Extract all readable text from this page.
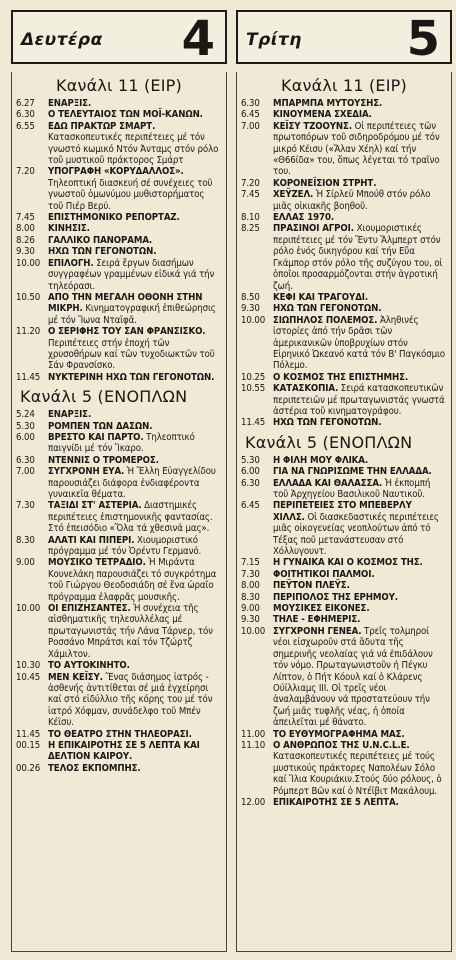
Δευτέρα 4
Κανάλι 11 (ΕΙΡ)
6.27 ΕΝΑΡΞΙΣ.
6.30 Ο ΤΕΛΕΥΤΑΙΟΣ ΤΩΝ ΜΟΪ-ΚΑΝΩΝ.
6.55 ΕΔΩ ΠΡΑΚΤΩΡ ΣΜΑΡΤ. Κατασκοπευτικές περιπέτειες μέ τόν γνωστό κωμικό Ντόν Άνταμς στόν ρόλο τοῦ μυστικοῦ πράκτορος Σμάρτ
7.20 ΥΠΟΓΡΑΦΗ «ΚΟΡΥΔΑΛΛΟΣ». Τηλεοπτική διασκευή σέ συνέχειες τοῦ γνωστοῦ ὁμωνύμου μυθιστορήματος τοῦ Πιέρ Βερύ.
7.45 ΕΠΙΣΤΗΜΟΝΙΚΟ ΡΕΠΟΡΤΑΖ.
8.00 ΚΙΝΗΣΙΣ.
8.26 ΓΑΛΛΙΚΟ ΠΑΝΟΡΑΜΑ.
9.30 ΗΧΩ ΤΩΝ ΓΕΓΟΝΟΤΩΝ.
10.00 ΕΠΙΛΟΓΗ. Σειρά ἔργων διασήμων συγγραφέων γραμμένων εἰδικά γιά τήν τηλεόρασι.
10.50 ΑΠΟ ΤΗΝ ΜΕΓΑΛΗ ΟΘΟΝΗ ΣΤΗΝ ΜΙΚΡΗ. Κινηματογραφική ἐπιθεώρησις μέ τόν Ἴωνα Νταϊφᾶ.
11.20 Ο ΣΕΡΙΦΗΣ ΤΟΥ ΣΑΝ ΦΡΑΝΣΙΣΚΟ. Περιπέτειες στήν ἐποχή τῶν χρυσοθήρων καί τῶν τυχοδιωκτῶν τοῦ Σάν Φρανσίσκο.
11.45 ΝΥΚΤΕΡΙΝΗ ΗΧΩ ΤΩΝ ΓΕΓΟΝΟΤΩΝ.
Κανάλι 5 (ΕΝΟΠΛΩΝ
5.24 ΕΝΑΡΞΙΣ.
5.30 ΡΟΜΠΕΝ ΤΩΝ ΔΑΣΩΝ.
6.00 ΒΡΕΣΤΟ ΚΑΙ ΠΑΡΤΟ. Τηλεοπτικό παιγνίδι μέ τόν Ἴκαρο.
6.30 ΝΤΕΝΝΙΣ Ο ΤΡΟΜΕΡΟΣ.
7.00 ΣΥΓΧΡΟΝΗ ΕΥΑ. Ἡ Ἔλλη Εὐαγγελίδου παρουσιάζει διάφορα ἐνδιαφέροντα γυναικεῖα θέματα.
7.30 ΤΑΞΙΔΙ ΣΤ' ΑΣΤΕΡΙΑ. Διαστημικές περιπέτειες ἐπιστημονικῆς φαντασίας. Στό ἐπεισόδιο «Ὅλα τά χθεσινά μας».
8.30 ΑΛΑΤΙ ΚΑΙ ΠΙΠΕΡΙ. Χιουμοριστικό πρόγραμμα μέ τόν Ὀρέντυ Γερμανό.
9.00 ΜΟΥΣΙΚΟ ΤΕΤΡΑΔΙΟ. Ἡ Μιράντα Κουνελάκη παρουσιάζει τό συγκρότημα τοῦ Γιώργου Θεοδοσιάδη σέ ἕνα ὡραῖο πρόγραμμα ἐλαφρᾶς μουσικῆς.
10.00 ΟΙ ΕΠΙΖΗΣΑΝΤΕΣ. Ἡ συνέχεια τῆς αἰσθηματικῆς τηλεσυλλέλας μέ πρωταγωνιστάς τήν Λάνα Τάρνερ, τόν Ροσσάνο Μπράτσι καί τόν Τζώρτζ Χάμιλτον.
10.30 ΤΟ ΑΥΤΟΚΙΝΗΤΟ.
10.45 ΜΕΝ ΚΕΪΣΥ. Ἕνας διάσημος ἰατρός - ἀσθενής ἀντιτίθεται σέ μιά ἐγχείρησι καί στό εἰδύλλιο τῆς κόρης του μέ τόν ἰατρό Χόφμαν, συνάδελφο τοῦ Μπέν Κέϊσυ.
11.45 ΤΟ ΘΕΑΤΡΟ ΣΤΗΝ ΤΗΛΕΟΡΑΣΙ.
00.15 Η ΕΠΙΚΑΙΡΟΤΗΣ ΣΕ 5 ΛΕΠΤΑ ΚΑΙ ΔΕΛΤΙΟΝ ΚΑΙΡΟΥ.
00.26 ΤΕΛΟΣ ΕΚΠΟΜΠΗΣ.
Τρίτη 5
Κανάλι 11 (ΕΙΡ)
6.30 ΜΠΑΡΜΠΑ ΜΥΤΟΥΣΗΣ.
6.45 ΚΙΝΟΥΜΕΝΑ ΣΧΕΔΙΑ.
7.00 ΚΕΪΣΥ ΤΖΟΟΥΝΣ. Οἱ περιπέτειες τῶν πρωτοπόρων τοῦ σιδηροδρόμου μέ τόν μικρό Κέισυ («Ἄλαν Χέηλ) καί τήν «Θ66ίδα» του, ὅπως λέγεται τό τραῖνο του.
7.20 ΚΟΡΟΝΕΪΣΙΟΝ ΣΤΡΗΤ.
7.45 ΧΕΫΖΕΛ. Ἡ Σίρλεϋ Μπούθ στόν ρόλο μιᾶς οἰκιακῆς βοηθοῦ.
8.10 ΕΛΛΑΣ 1970.
8.25 ΠΡΑΣΙΝΟΙ ΑΓΡΟΙ. Χιουμοριστικές περιπέτειες μέ τόν Ἔντυ Ἄλμπερτ στόν ρόλο ἑνός δικηγόρου καί τήν Εὔα Γκάμπορ στόν ρόλο τῆς συζύγου του, οἱ ὁποῖοι προσαρμόζονται στήν ἀγροτική ζωή.
8.50 ΚΕΦΙ ΚΑΙ ΤΡΑΓΟΥΔΙ.
9.30 ΗΧΩ ΤΩΝ ΓΕΓΟΝΟΤΩΝ.
10.00 ΣΙΩΠΗΛΟΣ ΠΟΛΕΜΟΣ. Ἀληθινές ἱστορίες ἀπό τήν δρᾶσι τῶν ἀμερικανικῶν ὑποβρυχίων στόν Εἰρηνικό Ὠκεανό κατά τόν Β' Παγκόσμιο Πόλεμο.
10.25 Ο ΚΟΣΜΟΣ ΤΗΣ ΕΠΙΣΤΗΜΗΣ.
10.55 ΚΑΤΑΣΚΟΠΙΑ. Σειρά κατασκοπευτικῶν περιπετειῶν μέ πρωταγωνιστάς γνωστά ἀστέρια τοῦ κινηματογράφου.
11.45 ΗΧΩ ΤΩΝ ΓΕΓΟΝΟΤΩΝ.
Κανάλι 5 (ΕΝΟΠΛΩΝ
5.30 Η ΦΙΛΗ ΜΟΥ ΦΛΙΚΑ.
6.00 ΓΙΑ ΝΑ ΓΝΩΡΙΣΩΜΕ ΤΗΝ ΕΛΛΑΔΑ.
6.30 ΕΛΛΑΔΑ ΚΑΙ ΘΑΛΑΣΣΑ. Ἡ ἐκπομπή τοῦ Ἀρχηγείου Βασιλικοῦ Ναυτικοῦ.
6.45 ΠΕΡΙΠΕΤΕΙΕΣ ΣΤΟ ΜΠΕΒΕΡΛΥ ΧΙΛΛΣ. Οἱ διασκεδαστικές περιπέτειες μιᾶς οἰκογενείας νεοπλούτων ἀπό τό Τέξας ποῦ μετανάστευσαν στό Χόλλυγουντ.
7.15 Η ΓΥΝΑΙΚΑ ΚΑΙ Ο ΚΟΣΜΟΣ ΤΗΣ.
7.30 ΦΟΙΤΗΤΙΚΟΙ ΠΑΛΜΟΙ.
8.00 ΠΕΫΤΟΝ ΠΛΕΫΣ.
8.30 ΠΕΡΙΠΟΛΟΣ ΤΗΣ ΕΡΗΜΟΥ.
9.00 ΜΟΥΣΙΚΕΣ ΕΙΚΟΝΕΣ.
9.30 ΤΗΛΕ - ΕΦΗΜΕΡΙΣ.
10.00 ΣΥΓΧΡΟΝΗ ΓΕΝΕΑ. Τρεῖς τολμηροί νέοι εἰσχωροῦν στά ἄδυτα τῆς σημερινῆς νεολαίας γιά νά ἐπιδάλουν τόν νόμο. Πρωταγωνιστοῦν ἡ Πέγκυ Λίπτον, ὁ Πήτ Κόουλ καί ὁ Κλάρενς Ούϊλλιαμς III. Οἱ τρεῖς νέοι ἀναλαμβάνουν νά προστατεύουν τήν ζωή μιᾶς τυφλῆς νέας, ἡ ὁποία ἀπειλεῖται μέ θάνατο.
11.00 ΤΟ ΕΥΘΥΜΟΓΡΑΦΗΜΑ ΜΑΣ.
11.10 Ο ΑΝΘΡΩΠΟΣ ΤΗΣ U.N.C.L.E. Κατασκοπευτικές περιπέτειες μέ τούς μυστικούς πράκτορες Ναπολέων Σόλο καί Ἴλια Κουριάκιν.Στούς δύο ρόλους, ὁ Ρόμπερτ Βῶν καί ὁ Ντέϊβιτ Μακάλουμ.
12.00 ΕΠΙΚΑΙΡΟΤΗΣ ΣΕ 5 ΛΕΠΤΑ.
